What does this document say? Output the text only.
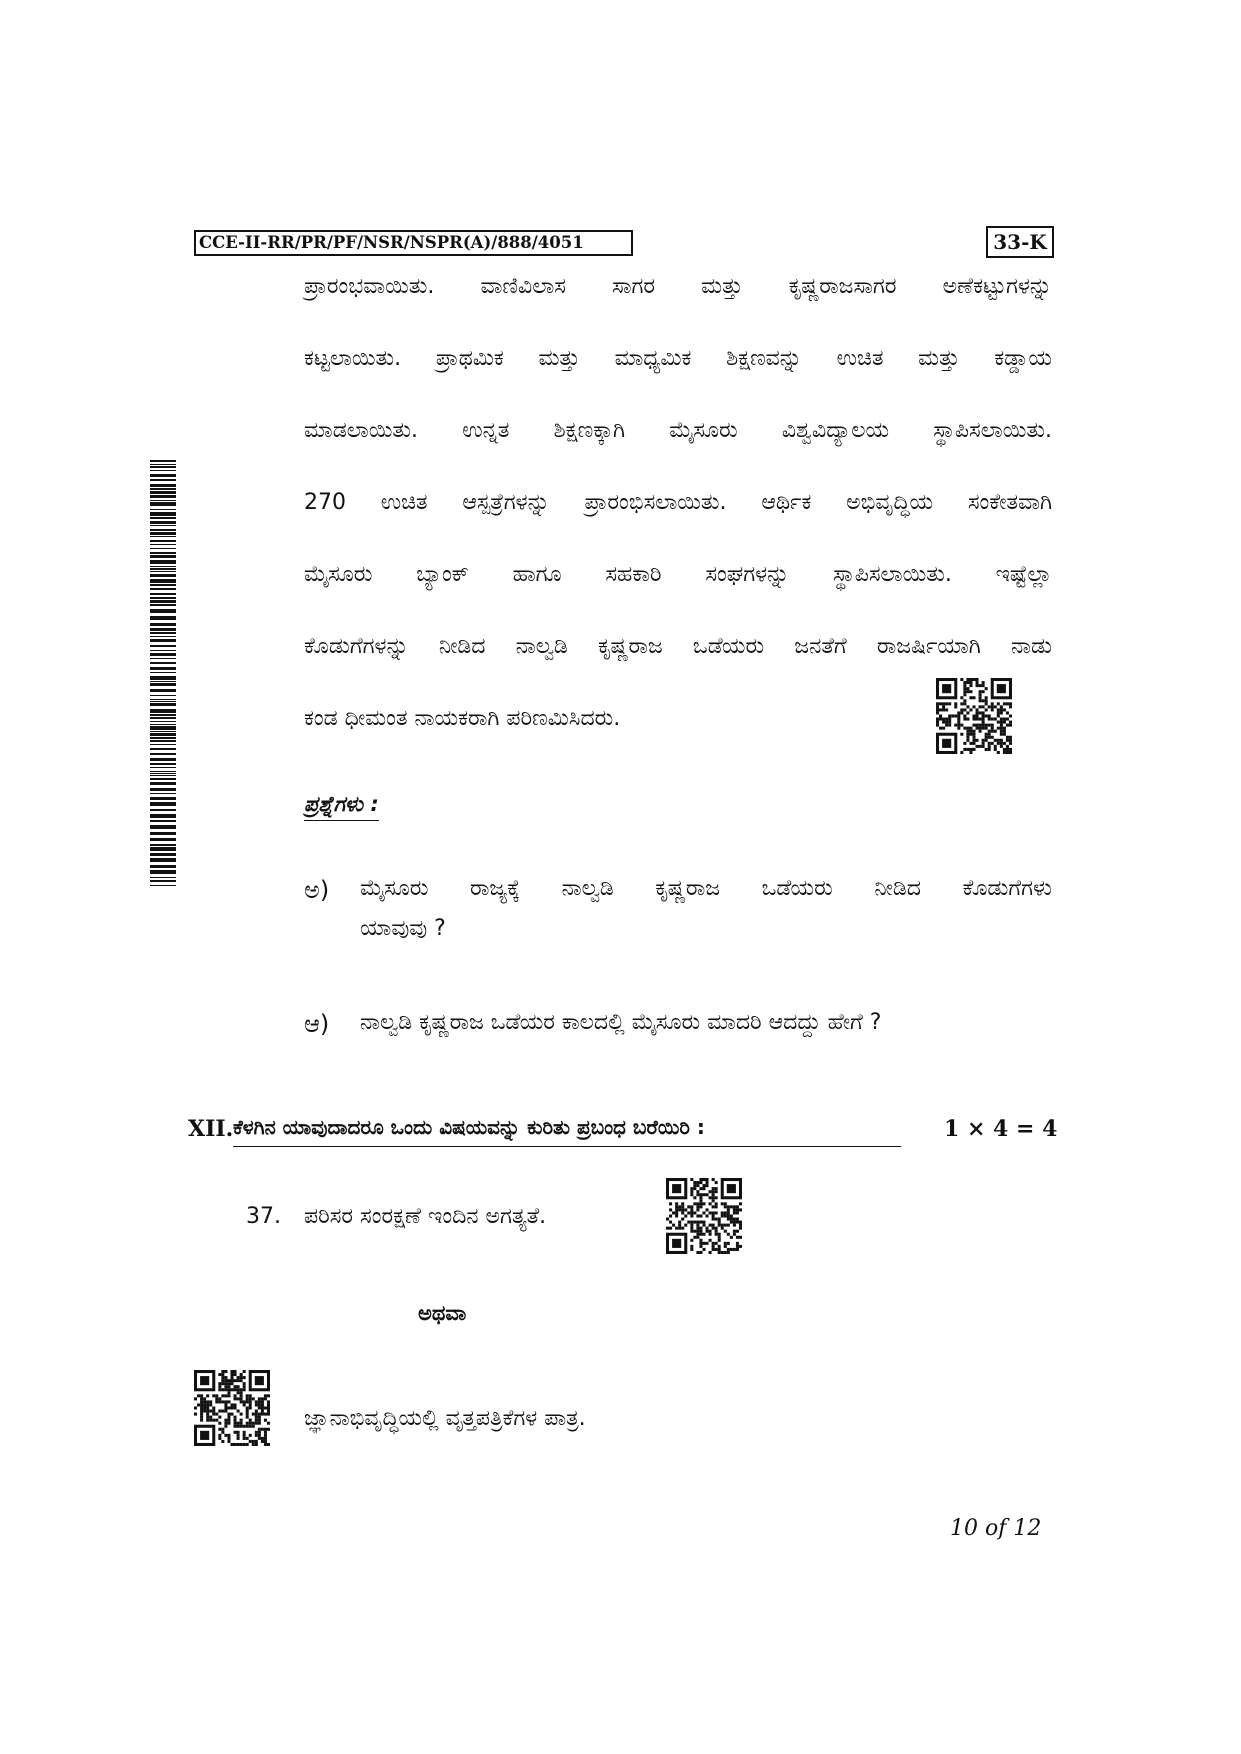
CCE-II-RR/PR/PF/NSR/NSPR(A)/888/4051	33-K
ಪ್ರಾರಂಭವಾಯಿತು. ವಾಣಿವಿಲಾಸ ಸಾಗರ ಮತ್ತು ಕೃಷ್ಣರಾಜಸಾಗರ ಅಣೆಕಟ್ಟುಗಳನ್ನು
ಕಟ್ಟಲಾಯಿತು. ಪ್ರಾಥಮಿಕ ಮತ್ತು ಮಾಧ್ಯಮಿಕ ಶಿಕ್ಷಣವನ್ನು ಉಚಿತ ಮತ್ತು ಕಡ್ಡಾಯ
ಮಾಡಲಾಯಿತು. ಉನ್ನತ ಶಿಕ್ಷಣಕ್ಕಾಗಿ ಮೈಸೂರು ವಿಶ್ವವಿದ್ಯಾಲಯ ಸ್ಥಾಪಿಸಲಾಯಿತು.
270 ಉಚಿತ ಆಸ್ಪತ್ರೆಗಳನ್ನು ಪ್ರಾರಂಭಿಸಲಾಯಿತು. ಆರ್ಥಿಕ ಅಭಿವೃದ್ಧಿಯ ಸಂಕೇತವಾಗಿ
ಮೈಸೂರು ಬ್ಯಾಂಕ್ ಹಾಗೂ ಸಹಕಾರಿ ಸಂಘಗಳನ್ನು ಸ್ಥಾಪಿಸಲಾಯಿತು. ಇಷ್ಟೆಲ್ಲಾ
ಕೊಡುಗೆಗಳನ್ನು ನೀಡಿದ ನಾಲ್ವಡಿ ಕೃಷ್ಣರಾಜ ಒಡೆಯರು ಜನತೆಗೆ ರಾಜರ್ಷಿಯಾಗಿ ನಾಡು
ಕಂಡ ಧೀಮಂತ ನಾಯಕರಾಗಿ ಪರಿಣಮಿಸಿದರು.
ಪ್ರಶ್ನೆಗಳು :
ಅ) ಮೈಸೂರು ರಾಜ್ಯಕ್ಕೆ ನಾಲ್ವಡಿ ಕೃಷ್ಣರಾಜ ಒಡೆಯರು ನೀಡಿದ ಕೊಡುಗೆಗಳು
ಯಾವುವು ?
ಆ) ನಾಲ್ವಡಿ ಕೃಷ್ಣರಾಜ ಒಡೆಯರ ಕಾಲದಲ್ಲಿ ಮೈಸೂರು ಮಾದರಿ ಆದದ್ದು ಹೇಗೆ ?
XII. ಕೆಳಗಿನ ಯಾವುದಾದರೂ ಒಂದು ವಿಷಯವನ್ನು ಕುರಿತು ಪ್ರಬಂಧ ಬರೆಯಿರಿ :	1 × 4 = 4
37. ಪರಿಸರ ಸಂರಕ್ಷಣೆ ಇಂದಿನ ಅಗತ್ಯತೆ.
ಅಥವಾ
ಜ್ಞಾನಾಭಿವೃದ್ಧಿಯಲ್ಲಿ ವೃತ್ತಪತ್ರಿಕೆಗಳ ಪಾತ್ರ.
10 of 12
